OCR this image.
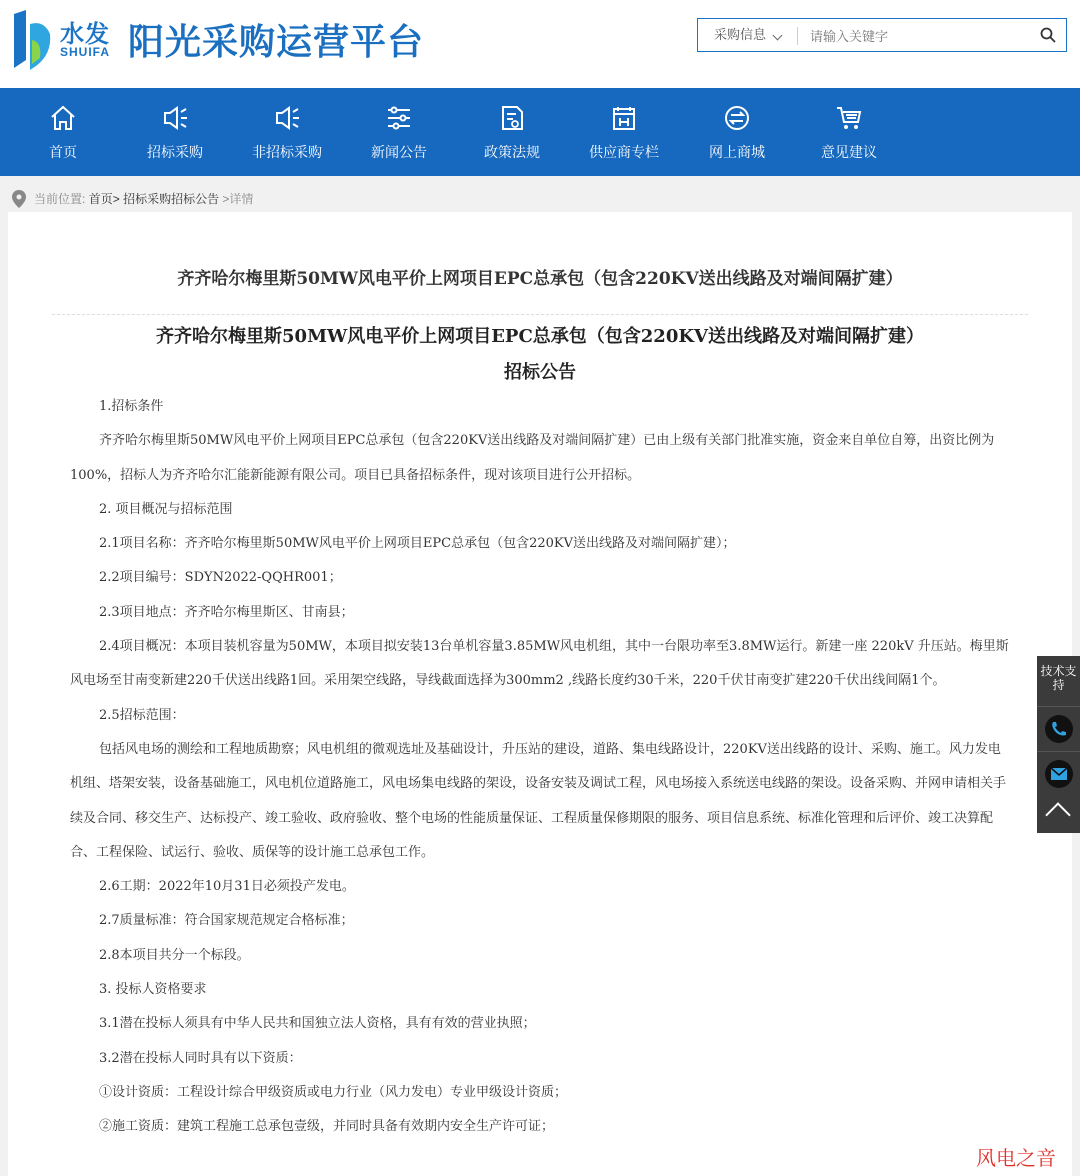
水发
SHUIFA 阳光采购运营平台	采购信息
请输入关键字
首页	招标采购	非招标采购	新闻公告	政策法规	供应商专栏	网上商城	意见建议
当前位置: 首页> 招标采购招标公告 >详情
齐齐哈尔梅里斯50MW风电平价上网项目EPC总承包（包含220KV送出线路及对端间隔扩建）
齐齐哈尔梅里斯50MW风电平价上网项目EPC总承包（包含220KV送出线路及对端间隔扩建）
招标公告

1.招标条件

齐齐哈尔梅里斯50MW风电平价上网项目EPC总承包（包含220KV送出线路及对端间隔扩建）已由上级有关部门批准实施，资金来自单位自筹，出资比例为100%，招标人为齐齐哈尔汇能新能源有限公司。项目已具备招标条件，现对该项目进行公开招标。

2. 项目概况与招标范围

2.1项目名称：齐齐哈尔梅里斯50MW风电平价上网项目EPC总承包（包含220KV送出线路及对端间隔扩建）；

2.2项目编号：SDYN2022-QQHR001；

2.3项目地点：齐齐哈尔梅里斯区、甘南县；

2.4项目概况：本项目装机容量为50MW，本项目拟安装13台单机容量3.85MW风电机组，其中一台限功率至3.8MW运行。新建一座 220kV 升压站。梅里斯风电场至甘南变新建220千伏送出线路1回。采用架空线路，导线截面选择为300mm2 ,线路长度约30千米，220千伏甘南变扩建220千伏出线间隔1个。

2.5招标范围：

包括风电场的测绘和工程地质勘察；风电机组的微观选址及基础设计，升压站的建设，道路、集电线路设计，220KV送出线路的设计、采购、施工。风力发电机组、塔架安装，设备基础施工，风电机位道路施工，风电场集电线路的架设，设备安装及调试工程，风电场接入系统送电线路的架设。设备采购、并网申请相关手续及合同、移交生产、达标投产、竣工验收、政府验收、整个电场的性能质量保证、工程质量保修期限的服务、项目信息系统、标准化管理和后评价、竣工决算配合、工程保险、试运行、验收、质保等的设计施工总承包工作。

2.6工期：2022年10月31日必须投产发电。

2.7质量标准：符合国家规范规定合格标准；

2.8本项目共分一个标段。

3. 投标人资格要求

3.1潜在投标人须具有中华人民共和国独立法人资格，具有有效的营业执照；

3.2潜在投标人同时具有以下资质：

①设计资质：工程设计综合甲级资质或电力行业（风力发电）专业甲级设计资质；

②施工资质：建筑工程施工总承包壹级，并同时具备有效期内安全生产许可证；

技术支持
风电之音
